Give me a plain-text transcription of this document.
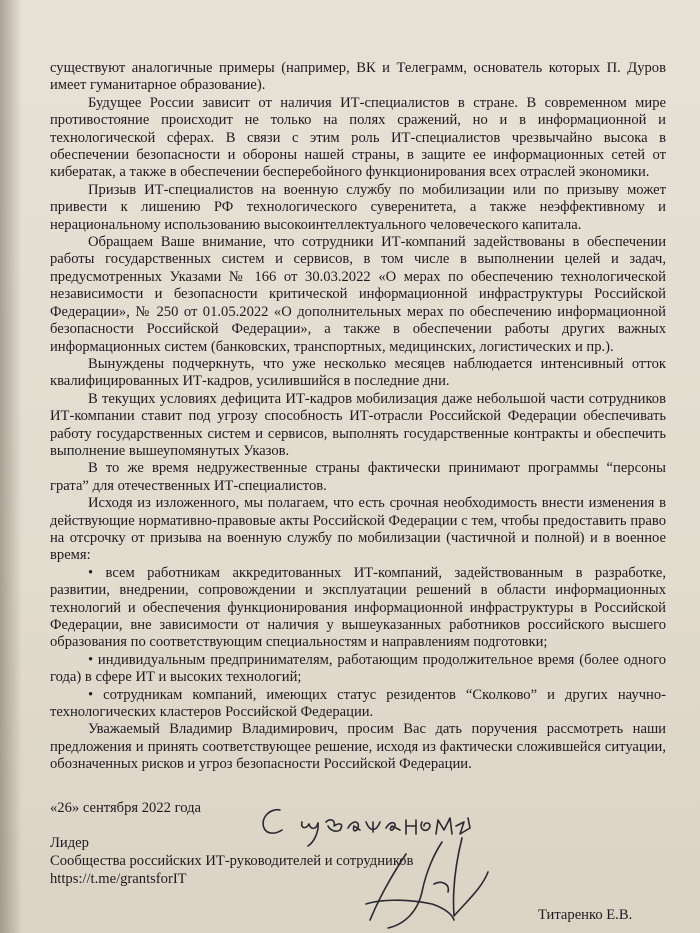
существуют аналогичные примеры (например, ВК и Телеграмм, основатель которых П. Дуров имеет гуманитарное образование).

Будущее России зависит от наличия ИТ-специалистов в стране. В современном мире противостояние происходит не только на полях сражений, но и в информационной и технологической сферах. В связи с этим роль ИТ-специалистов чрезвычайно высока в обеспечении безопасности и обороны нашей страны, в защите ее информационных сетей от кибератак, а также в обеспечении бесперебойного функционирования всех отраслей экономики.

Призыв ИТ-специалистов на военную службу по мобилизации или по призыву может привести к лишению РФ технологического суверенитета, а также неэффективному и нерациональному использованию высокоинтеллектуального человеческого капитала.

Обращаем Ваше внимание, что сотрудники ИТ-компаний задействованы в обеспечении работы государственных систем и сервисов, в том числе в выполнении целей и задач, предусмотренных Указами № 166 от 30.03.2022 «О мерах по обеспечению технологической независимости и безопасности критической информационной инфраструктуры Российской Федерации», № 250 от 01.05.2022 «О дополнительных мерах по обеспечению информационной безопасности Российской Федерации», а также в обеспечении работы других важных информационных систем (банковских, транспортных, медицинских, логистических и пр.).

Вынуждены подчеркнуть, что уже несколько месяцев наблюдается интенсивный отток квалифицированных ИТ-кадров, усилившийся в последние дни.

В текущих условиях дефицита ИТ-кадров мобилизация даже небольшой части сотрудников ИТ-компании ставит под угрозу способность ИТ-отрасли Российской Федерации обеспечивать работу государственных систем и сервисов, выполнять государственные контракты и обеспечить выполнение вышеупомянутых Указов.

В то же время недружественные страны фактически принимают программы “персоны грата” для отечественных ИТ-специалистов.

Исходя из изложенного, мы полагаем, что есть срочная необходимость внести изменения в действующие нормативно-правовые акты Российской Федерации с тем, чтобы предоставить право на отсрочку от призыва на военную службу по мобилизации (частичной и полной) и в военное время:

• всем работникам аккредитованных ИТ-компаний, задействованным в разработке, развитии, внедрении, сопровождении и эксплуатации решений в области информационных технологий и обеспечения функционирования информационной инфраструктуры в Российской Федерации, вне зависимости от наличия у вышеуказанных работников российского высшего образования по соответствующим специальностям и направлениям подготовки;

• индивидуальным предпринимателям, работающим продолжительное время (более одного года) в сфере ИТ и высоких технологий;

• сотрудникам компаний, имеющих статус резидентов “Сколково” и других научно-технологических кластеров Российской Федерации.

Уважаемый Владимир Владимирович, просим Вас дать поручения рассмотреть наши предложения и принять соответствующее решение, исходя из фактически сложившейся ситуации, обозначенных рисков и угроз безопасности Российской Федерации.

«26» сентября 2022 года
Лидер
Сообщества российских ИТ-руководителей и сотрудников
https://t.me/grantsforIT
Титаренко Е.В.
